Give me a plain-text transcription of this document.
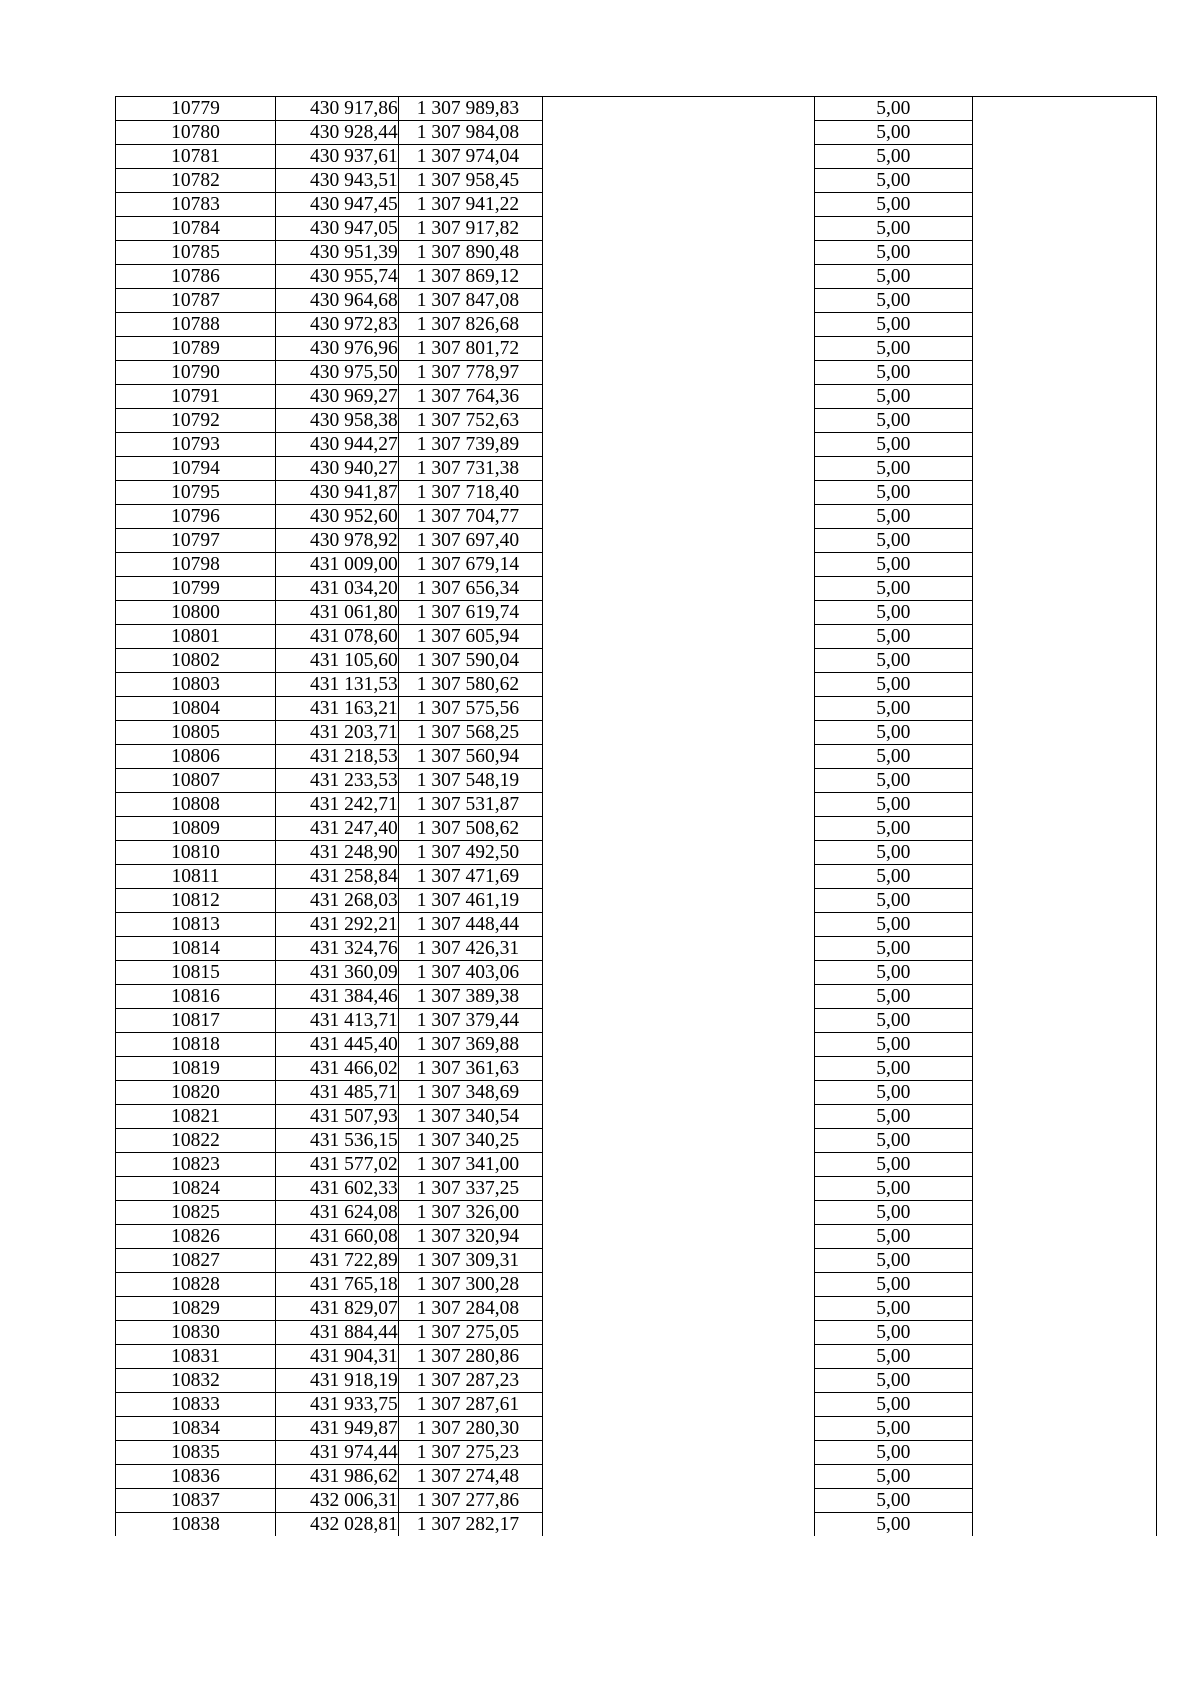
10779	430 917,86	1 307 989,83		5,00	
10780	430 928,44	1 307 984,08		5,00	
10781	430 937,61	1 307 974,04		5,00	
10782	430 943,51	1 307 958,45		5,00	
10783	430 947,45	1 307 941,22		5,00	
10784	430 947,05	1 307 917,82		5,00	
10785	430 951,39	1 307 890,48		5,00	
10786	430 955,74	1 307 869,12		5,00	
10787	430 964,68	1 307 847,08		5,00	
10788	430 972,83	1 307 826,68		5,00	
10789	430 976,96	1 307 801,72		5,00	
10790	430 975,50	1 307 778,97		5,00	
10791	430 969,27	1 307 764,36		5,00	
10792	430 958,38	1 307 752,63		5,00	
10793	430 944,27	1 307 739,89		5,00	
10794	430 940,27	1 307 731,38		5,00	
10795	430 941,87	1 307 718,40		5,00	
10796	430 952,60	1 307 704,77		5,00	
10797	430 978,92	1 307 697,40		5,00	
10798	431 009,00	1 307 679,14		5,00	
10799	431 034,20	1 307 656,34		5,00	
10800	431 061,80	1 307 619,74		5,00	
10801	431 078,60	1 307 605,94		5,00	
10802	431 105,60	1 307 590,04		5,00	
10803	431 131,53	1 307 580,62		5,00	
10804	431 163,21	1 307 575,56		5,00	
10805	431 203,71	1 307 568,25		5,00	
10806	431 218,53	1 307 560,94		5,00	
10807	431 233,53	1 307 548,19		5,00	
10808	431 242,71	1 307 531,87		5,00	
10809	431 247,40	1 307 508,62		5,00	
10810	431 248,90	1 307 492,50		5,00	
10811	431 258,84	1 307 471,69		5,00	
10812	431 268,03	1 307 461,19		5,00	
10813	431 292,21	1 307 448,44		5,00	
10814	431 324,76	1 307 426,31		5,00	
10815	431 360,09	1 307 403,06		5,00	
10816	431 384,46	1 307 389,38		5,00	
10817	431 413,71	1 307 379,44		5,00	
10818	431 445,40	1 307 369,88		5,00	
10819	431 466,02	1 307 361,63		5,00	
10820	431 485,71	1 307 348,69		5,00	
10821	431 507,93	1 307 340,54		5,00	
10822	431 536,15	1 307 340,25		5,00	
10823	431 577,02	1 307 341,00		5,00	
10824	431 602,33	1 307 337,25		5,00	
10825	431 624,08	1 307 326,00		5,00	
10826	431 660,08	1 307 320,94		5,00	
10827	431 722,89	1 307 309,31		5,00	
10828	431 765,18	1 307 300,28		5,00	
10829	431 829,07	1 307 284,08		5,00	
10830	431 884,44	1 307 275,05		5,00	
10831	431 904,31	1 307 280,86		5,00	
10832	431 918,19	1 307 287,23		5,00	
10833	431 933,75	1 307 287,61		5,00	
10834	431 949,87	1 307 280,30		5,00	
10835	431 974,44	1 307 275,23		5,00	
10836	431 986,62	1 307 274,48		5,00	
10837	432 006,31	1 307 277,86		5,00	
10838	432 028,81	1 307 282,17		5,00	
